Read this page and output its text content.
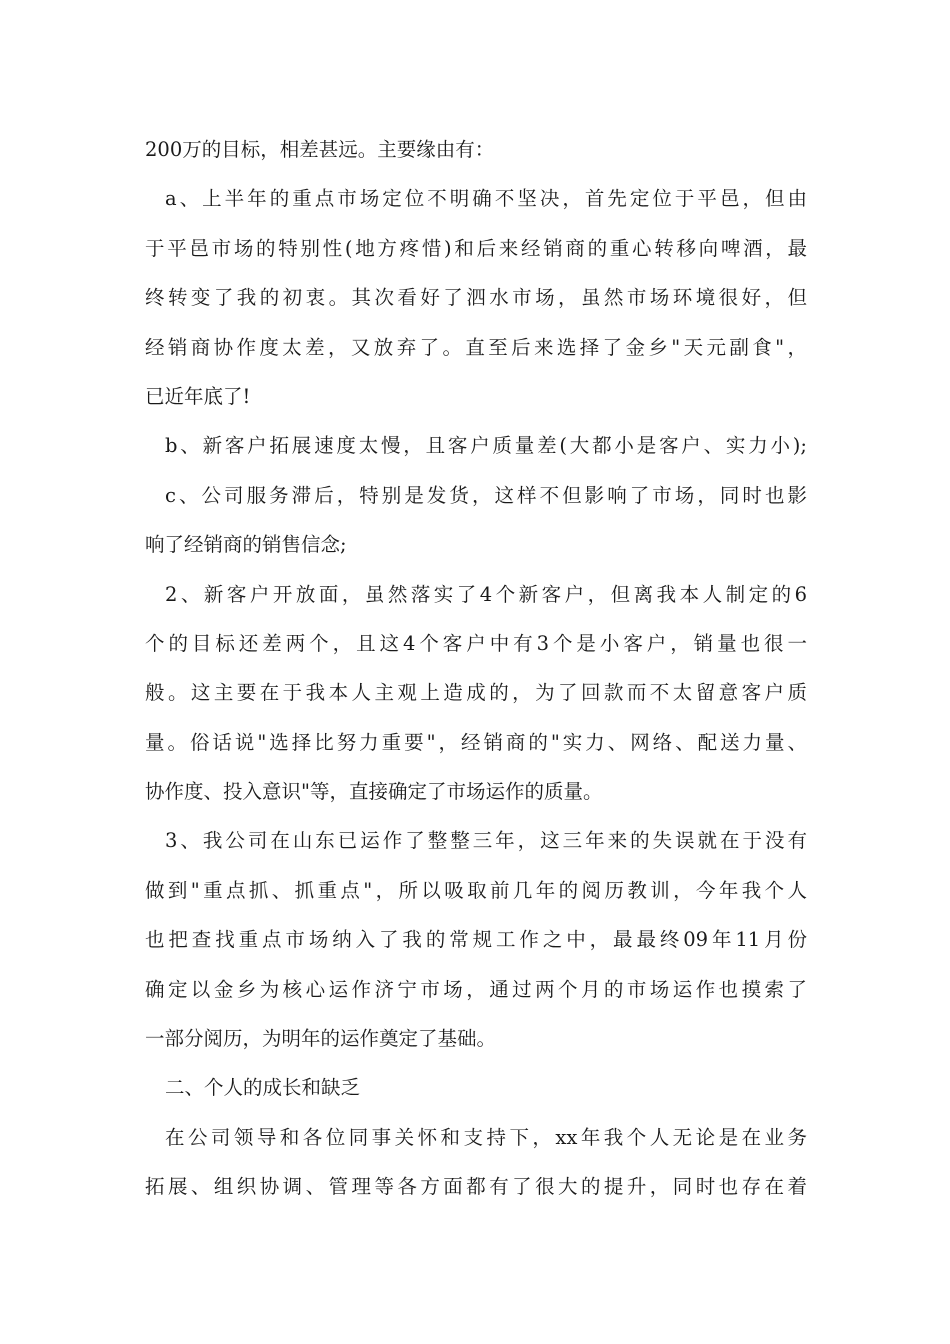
200万的目标，相差甚远。主要缘由有：
a、上半年的重点市场定位不明确不坚决，首先定位于平邑，但由
于平邑市场的特别性(地方疼惜)和后来经销商的重心转移向啤酒，最
终转变了我的初衷。其次看好了泗水市场，虽然市场环境很好，但
经销商协作度太差，又放弃了。直至后来选择了金乡"天元副食"，
已近年底了!
b、新客户拓展速度太慢，且客户质量差(大都小是客户、实力小);
c、公司服务滞后，特别是发货，这样不但影响了市场，同时也影
响了经销商的销售信念;
2、新客户开放面，虽然落实了4个新客户，但离我本人制定的6
个的目标还差两个，且这4个客户中有3个是小客户，销量也很一
般。这主要在于我本人主观上造成的，为了回款而不太留意客户质
量。俗话说"选择比努力重要"，经销商的"实力、网络、配送力量、
协作度、投入意识"等，直接确定了市场运作的质量。
3、我公司在山东已运作了整整三年，这三年来的失误就在于没有
做到"重点抓、抓重点"，所以吸取前几年的阅历教训，今年我个人
也把查找重点市场纳入了我的常规工作之中，最最终09年11月份
确定以金乡为核心运作济宁市场，通过两个月的市场运作也摸索了
一部分阅历，为明年的运作奠定了基础。
二、个人的成长和缺乏
在公司领导和各位同事关怀和支持下，xx年我个人无论是在业务
拓展、组织协调、管理等各方面都有了很大的提升，同时也存在着
